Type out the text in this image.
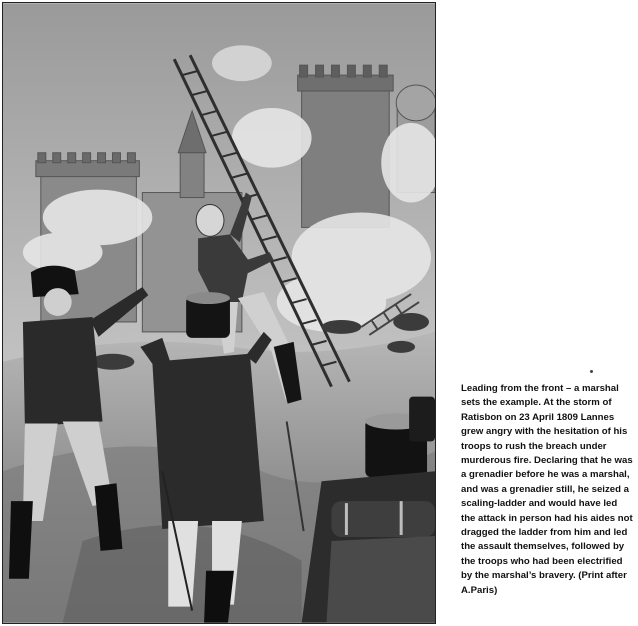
Leading from the front – a marshal sets the example. At the storm of Ratisbon on 23 April 1809 Lannes grew angry with the hesitation of his troops to rush the breach under murderous fire. Declaring that he was a grenadier before he was a marshal, and was a grenadier still, he seized a scaling-ladder and would have led the attack in person had his aides not dragged the ladder from him and led the assault themselves, followed by the troops who had been electrified by the marshal’s bravery. (Print after A.Paris)
